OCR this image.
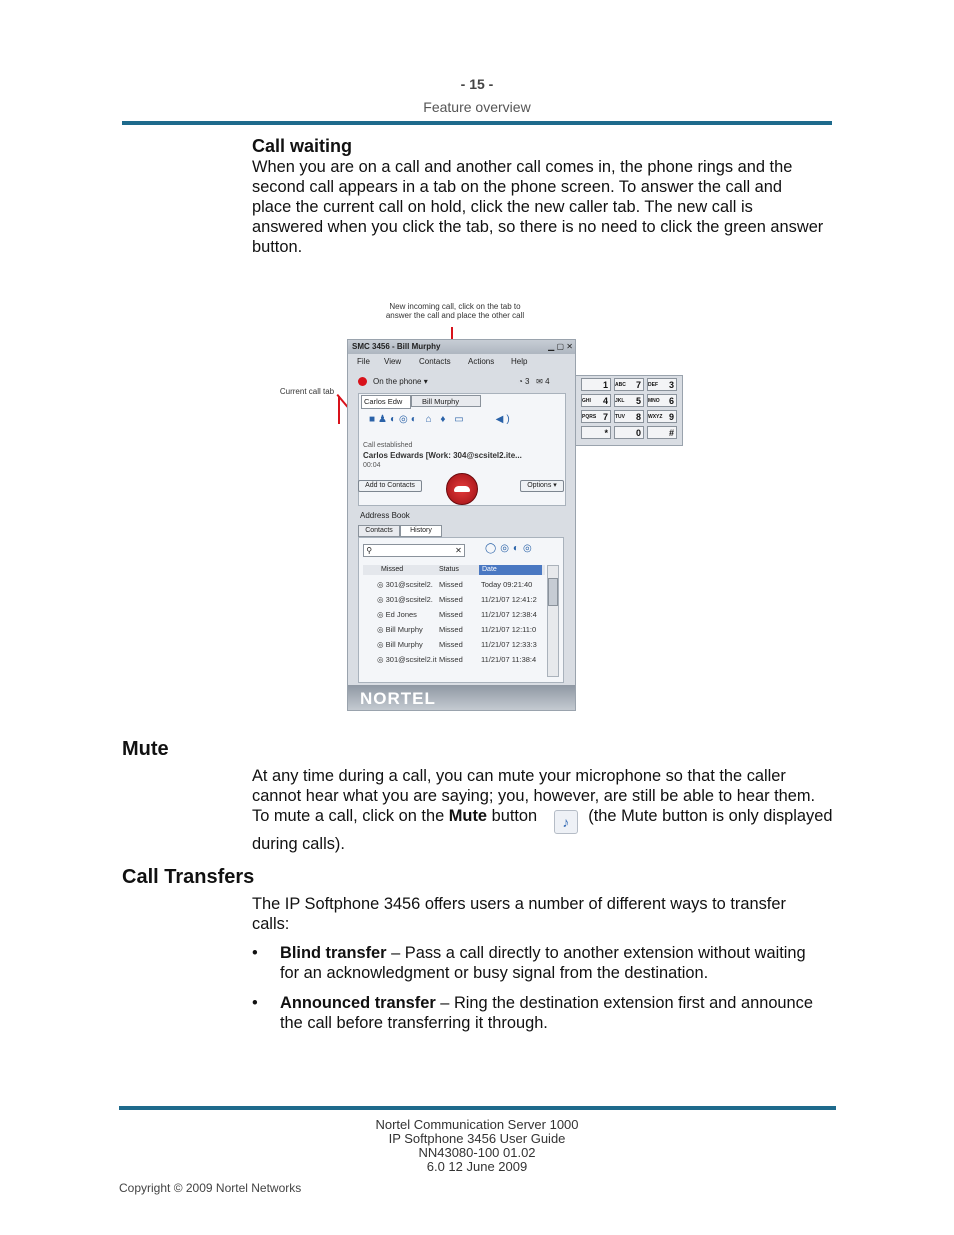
- 15 -
Feature overview
Call waiting
When you are on a call and another call comes in, the phone rings and the
second call appears in a tab on the phone screen. To answer the call and
place the current call on hold, click the new caller tab. The new call is
answered when you click the tab, so there is no need to click the green answer
button.
New incoming call, click on the tab to
answer the call and place the other call
Current call tab
SMC 3456 - Bill Murphy	▁ ▢ ✕
File View Contacts Actions Help
On the phone ▾	◔ 3   ✉ 4
Carlos Edw	Bill Murphy
■♟◐◎◐ ⌂ ♦ ▭     ◀)
Call established
Carlos Edwards [Work: 304@scsitel2.ite...
00:04
Add to Contacts	Options ▾
Address Book
Contacts	History
⚲	✕ ◯◎◐◎
Missed	Status	Date
◎ 301@scsitel2. Missed Today 09:21:40
◎ 301@scsitel2. Missed 11/21/07 12:41:2
◎ Ed Jones	Missed 11/21/07 12:38:4
◎ Bill Murphy Missed 11/21/07 12:11:0
◎ Bill Murphy Missed 11/21/07 12:33:3
◎ 301@scsitel2.it Missed 11/21/07 11:38:4
NORTEL
1	ABC 7	DEF 3
GHI 4	JKL 5	MNO 6
PQRS 7	TUV 8	WXYZ 9
*	0	#
Mute
At any time during a call, you can mute your microphone so that the caller
cannot hear what you are saying; you, however, are still be able to hear them.
To mute a call, click on the Mute button ♪ (the Mute button is only displayed
during calls).
Call Transfers
The IP Softphone 3456 offers users a number of different ways to transfer
calls:
• Blind transfer – Pass a call directly to another extension without waiting
for an acknowledgment or busy signal from the destination.
• Announced transfer – Ring the destination extension first and announce
the call before transferring it through.
Nortel Communication Server 1000
IP Softphone 3456 User Guide
NN43080-100 01.02
6.0 12 June 2009
Copyright © 2009 Nortel Networks
